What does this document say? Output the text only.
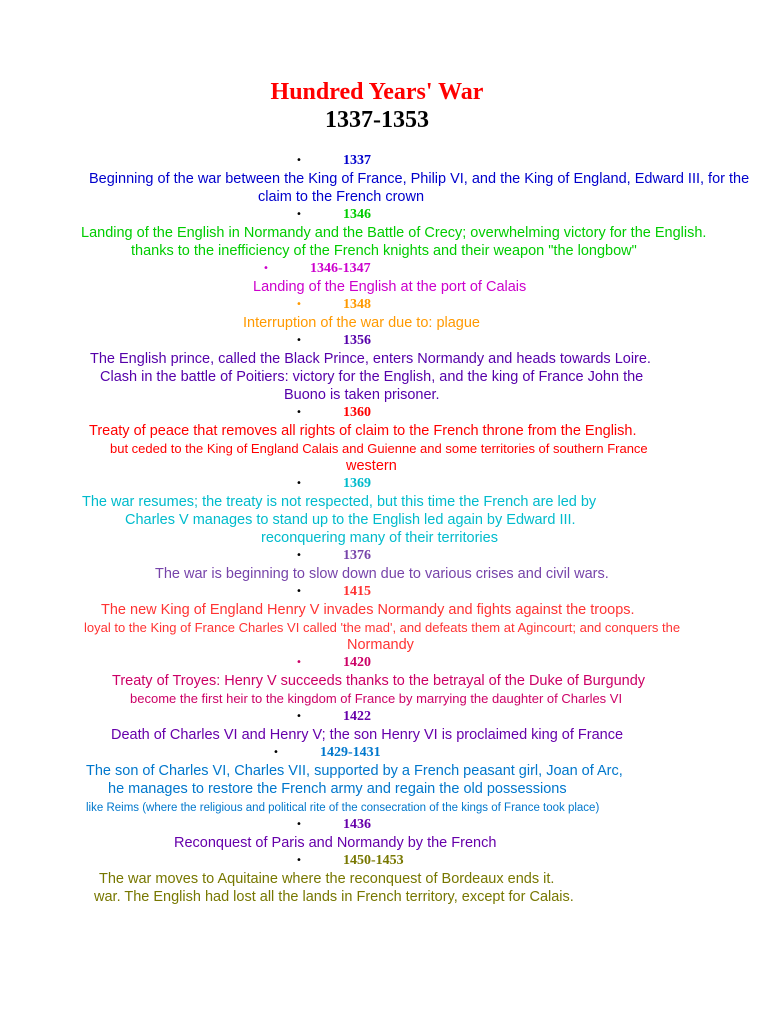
Hundred Years' War
1337-1353
•	1337
Beginning of the war between the King of France, Philip VI, and the King of England, Edward III, for the
claim to the French crown
•	1346
Landing of the English in Normandy and the Battle of Crecy; overwhelming victory for the English.
thanks to the inefficiency of the French knights and their weapon "the longbow"
•	1346-1347
Landing of the English at the port of Calais
•	1348
Interruption of the war due to: plague
•	1356
The English prince, called the Black Prince, enters Normandy and heads towards Loire.
Clash in the battle of Poitiers: victory for the English, and the king of France John the
Buono is taken prisoner.
•	1360
Treaty of peace that removes all rights of claim to the French throne from the English.
but ceded to the King of England Calais and Guienne and some territories of southern France
western
•	1369
The war resumes; the treaty is not respected, but this time the French are led by
Charles V manages to stand up to the English led again by Edward III.
reconquering many of their territories
•	1376
The war is beginning to slow down due to various crises and civil wars.
•	1415
The new King of England Henry V invades Normandy and fights against the troops.
loyal to the King of France Charles VI called 'the mad', and defeats them at Agincourt; and conquers the
Normandy
•	1420
Treaty of Troyes: Henry V succeeds thanks to the betrayal of the Duke of Burgundy
become the first heir to the kingdom of France by marrying the daughter of Charles VI
•	1422
Death of Charles VI and Henry V; the son Henry VI is proclaimed king of France
•	1429-1431
The son of Charles VI, Charles VII, supported by a French peasant girl, Joan of Arc,
he manages to restore the French army and regain the old possessions
like Reims (where the religious and political rite of the consecration of the kings of France took place)
•	1436
Reconquest of Paris and Normandy by the French
•	1450-1453
The war moves to Aquitaine where the reconquest of Bordeaux ends it.
war. The English had lost all the lands in French territory, except for Calais.
